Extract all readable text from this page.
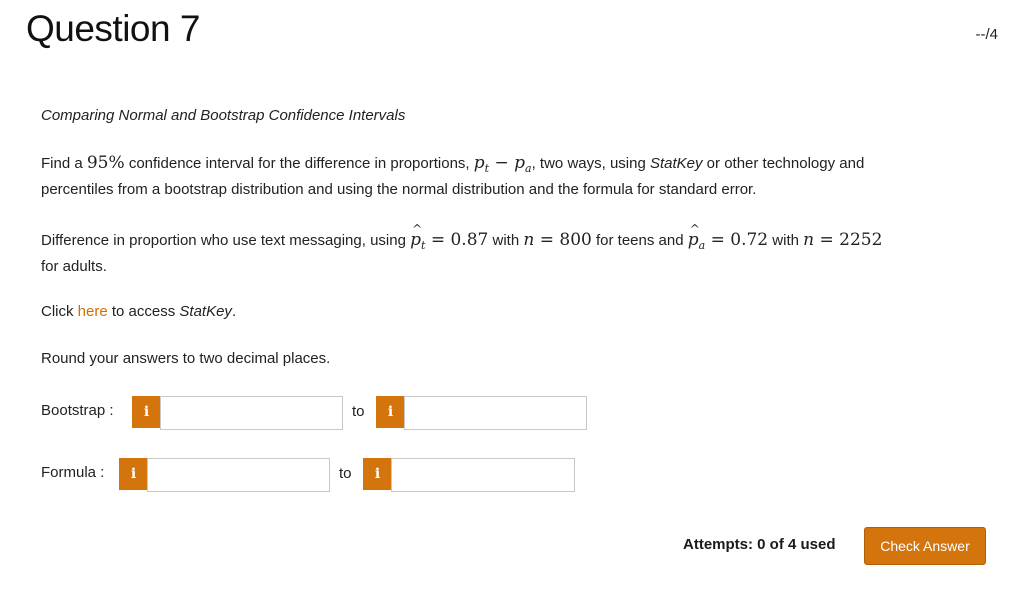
Question 7	--/4
Comparing Normal and Bootstrap Confidence Intervals
Find a 95% confidence interval for the difference in proportions, $p_t - p_a$, two ways, using StatKey or other technology and
percentiles from a bootstrap distribution and using the normal distribution and the formula for standard error.
Difference in proportion who use text messaging, using ^ $p_t = 0.87$ with n = 800 for teens and ^ $p_a = 0.72$ with n = 2252
for adults.
Click here to access StatKey.
Round your answers to two decimal places.
Bootstrap :	i	to	i
Formula :	i	to	i
Attempts: 0 of 4 used	Check Answer
